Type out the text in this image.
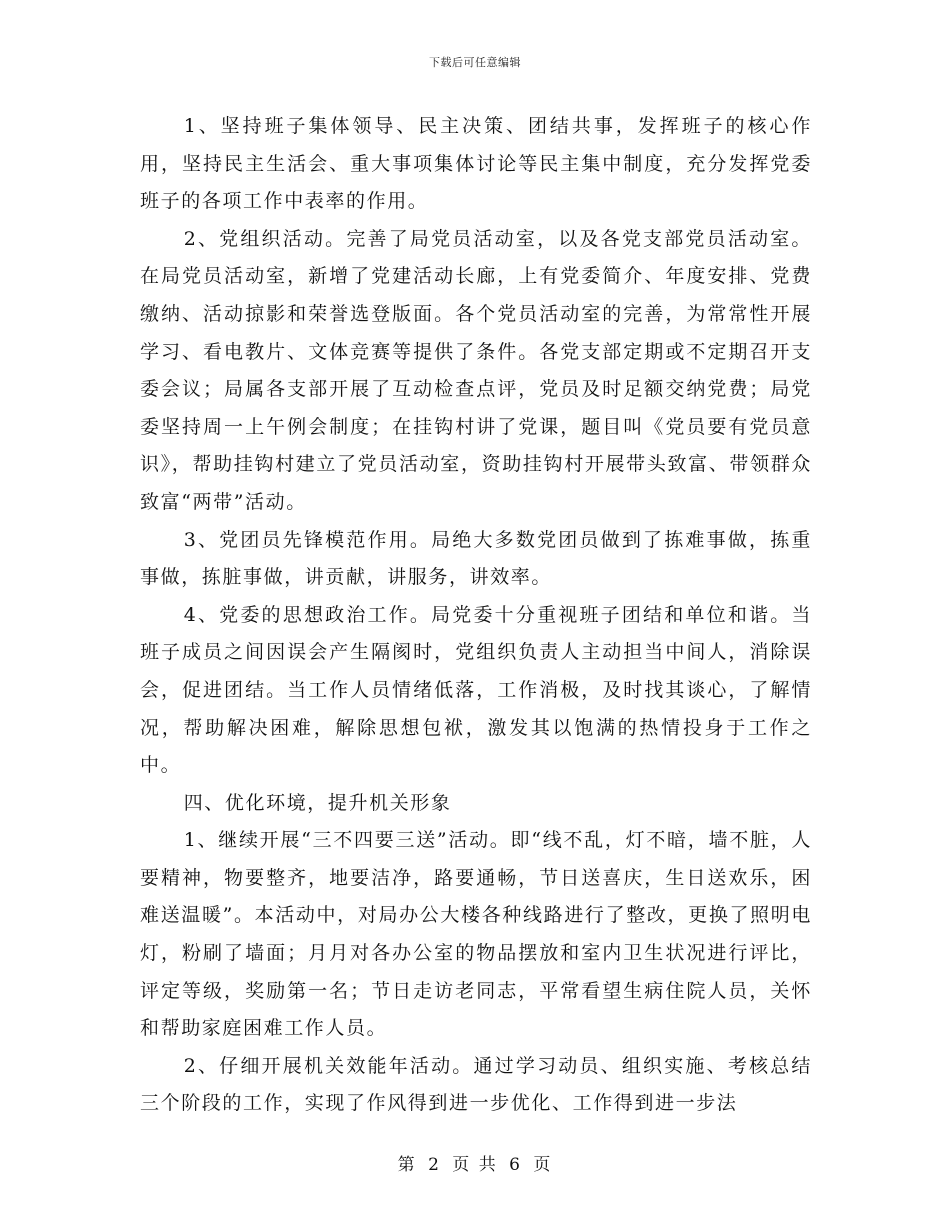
下载后可任意编辑

1、坚持班子集体领导、民主决策、团结共事，发挥班子的核心作用，坚持民主生活会、重大事项集体讨论等民主集中制度，充分发挥党委班子的各项工作中表率的作用。

2、党组织活动。完善了局党员活动室，以及各党支部党员活动室。在局党员活动室，新增了党建活动长廊，上有党委简介、年度安排、党费缴纳、活动掠影和荣誉选登版面。各个党员活动室的完善，为常常性开展学习、看电教片、文体竞赛等提供了条件。各党支部定期或不定期召开支委会议；局属各支部开展了互动检查点评，党员及时足额交纳党费；局党委坚持周一上午例会制度；在挂钩村讲了党课，题目叫《党员要有党员意识》，帮助挂钩村建立了党员活动室，资助挂钩村开展带头致富、带领群众致富“两带”活动。

3、党团员先锋模范作用。局绝大多数党团员做到了拣难事做，拣重事做，拣脏事做，讲贡献，讲服务，讲效率。

4、党委的思想政治工作。局党委十分重视班子团结和单位和谐。当班子成员之间因误会产生隔阂时，党组织负责人主动担当中间人，消除误会，促进团结。当工作人员情绪低落，工作消极，及时找其谈心，了解情况，帮助解决困难，解除思想包袱，激发其以饱满的热情投身于工作之中。

四、优化环境，提升机关形象

1、继续开展“三不四要三送”活动。即“线不乱，灯不暗，墙不脏，人要精神，物要整齐，地要洁净，路要通畅，节日送喜庆，生日送欢乐，困难送温暖”。本活动中，对局办公大楼各种线路进行了整改，更换了照明电灯，粉刷了墙面；月月对各办公室的物品摆放和室内卫生状况进行评比，评定等级，奖励第一名；节日走访老同志，平常看望生病住院人员，关怀和帮助家庭困难工作人员。

2、仔细开展机关效能年活动。通过学习动员、组织实施、考核总结三个阶段的工作，实现了作风得到进一步优化、工作得到进一步法

第 2 页 共 6 页
